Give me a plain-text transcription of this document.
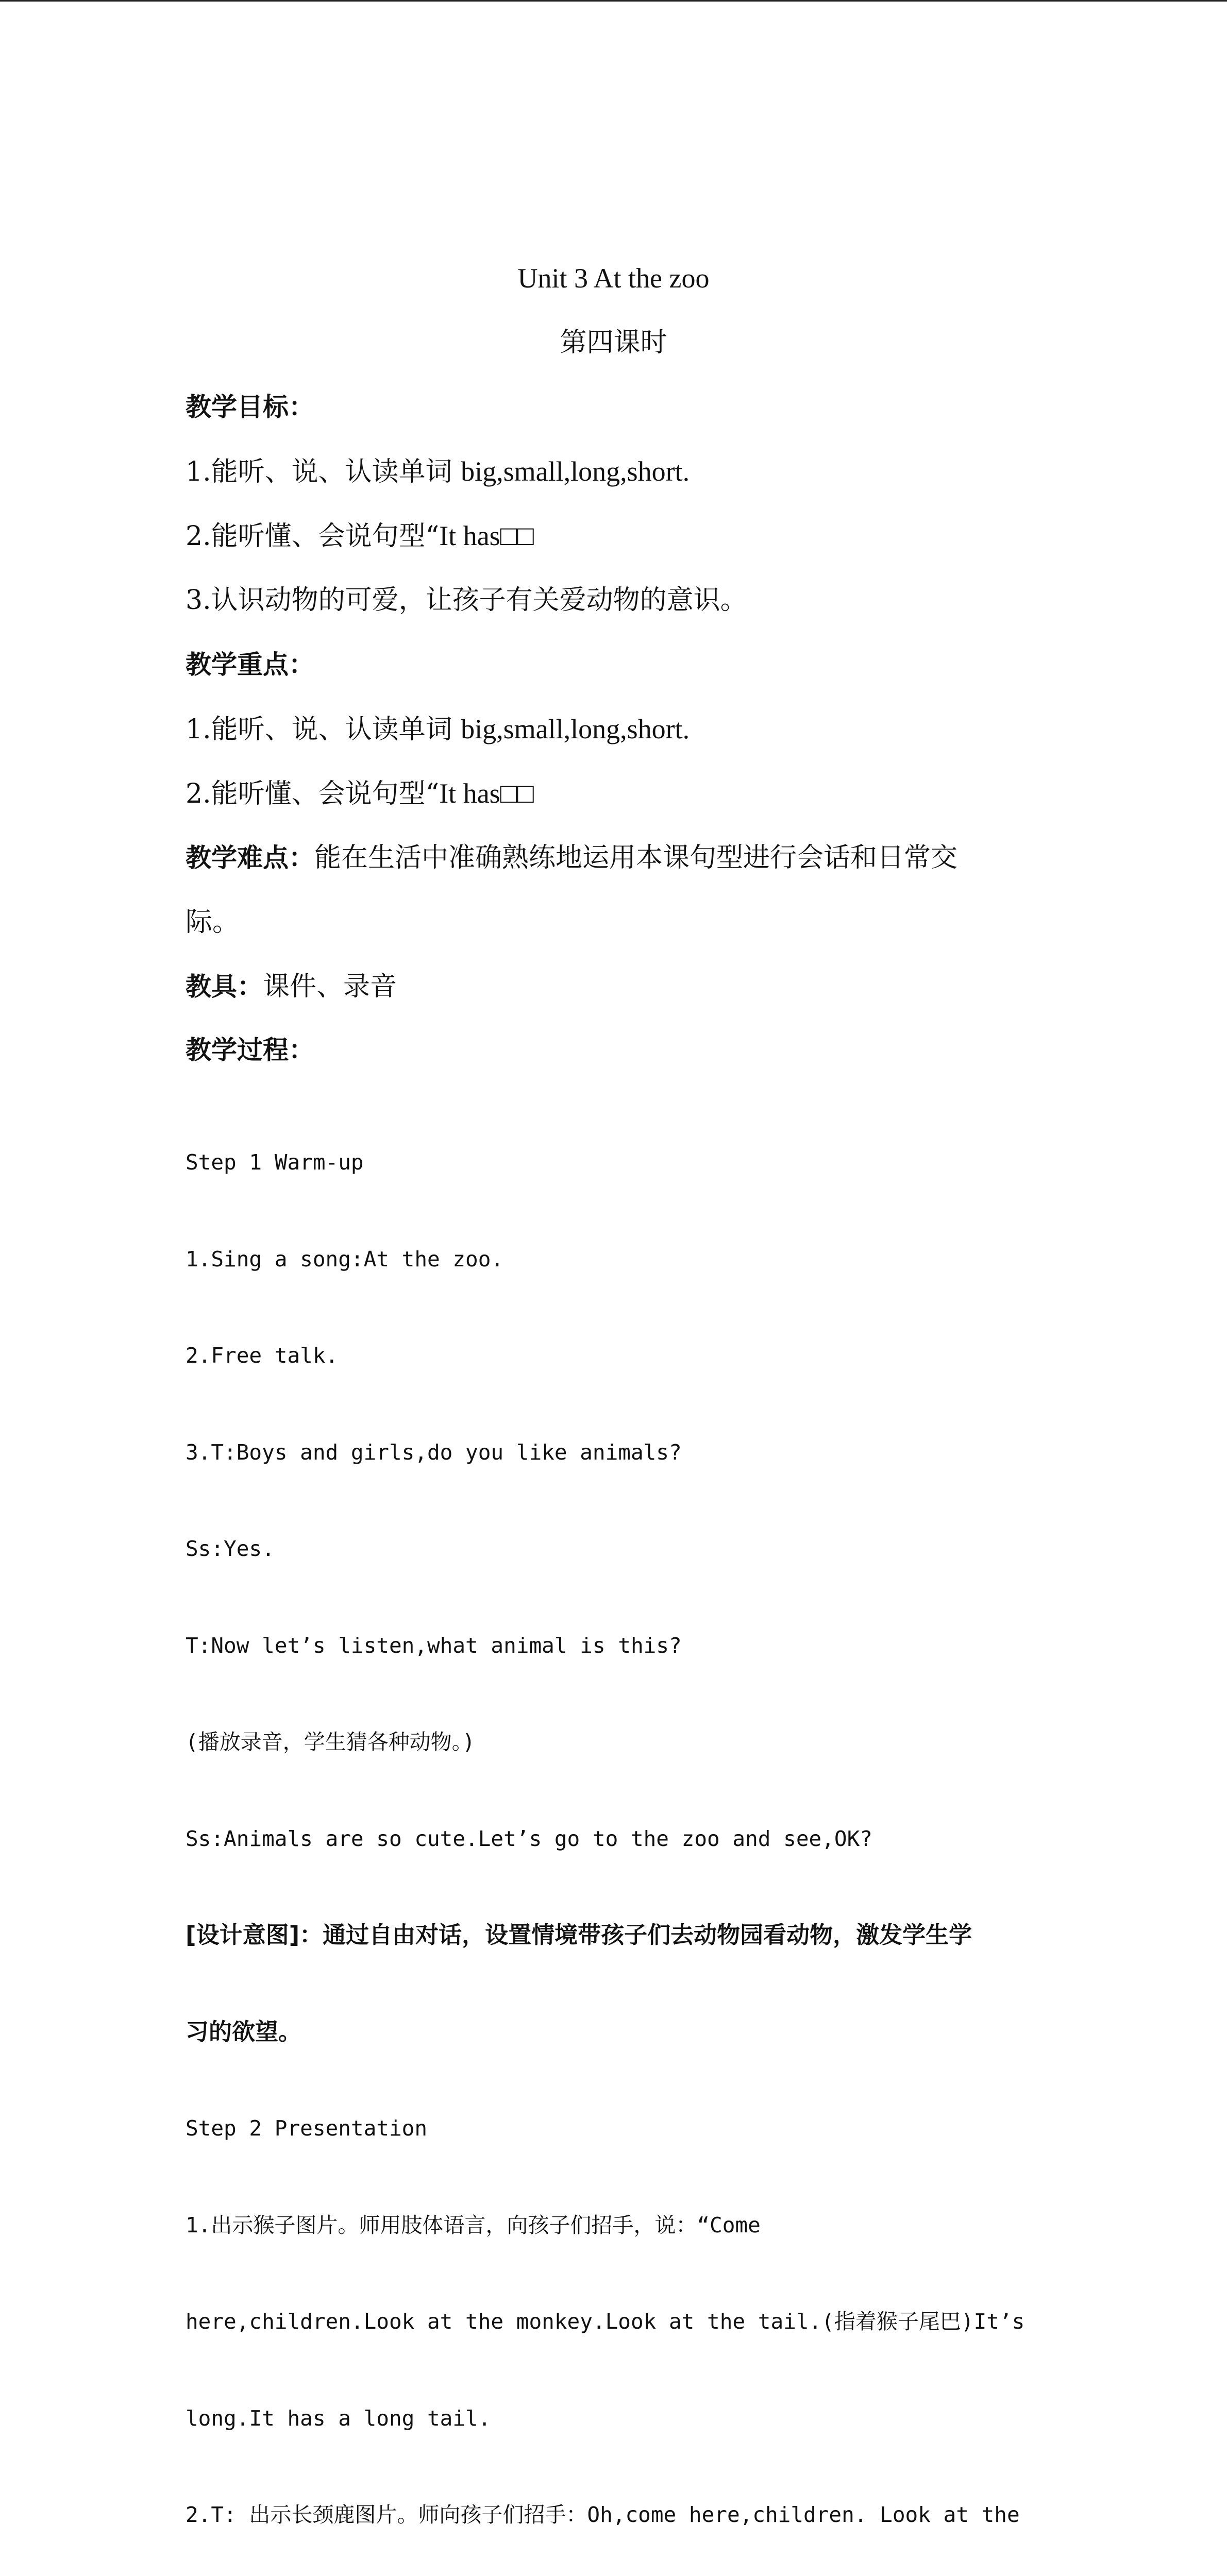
Unit 3 At the zoo
第四课时
教学目标：
1.能听、说、认读单词 big,small,long,short.
2.能听懂、会说句型“It has□□
3.认识动物的可爱，让孩子有关爱动物的意识。
教学重点：
1.能听、说、认读单词 big,small,long,short.
2.能听懂、会说句型“It has□□
教学难点：能在生活中准确熟练地运用本课句型进行会话和日常交
际。
教具：课件、录音
教学过程：

Step 1 Warm-up

1.Sing a song:At the zoo.

2.Free talk.

3.T:Boys and girls,do you like animals?

Ss:Yes.

T:Now let’s listen,what animal is this?

(播放录音，学生猜各种动物。)

Ss:Animals are so cute.Let’s go to the zoo and see,OK?

[设计意图]：通过自由对话，设置情境带孩子们去动物园看动物，激发学生学

习的欲望。

Step 2 Presentation

1.出示猴子图片。师用肢体语言，向孩子们招手，说：“Come

here,children.Look at the monkey.Look at the tail.(指着猴子尾巴)It’s

long.It has a long tail.

2.T: 出示长颈鹿图片。师向孩子们招手：Oh,come here,children. Look at the
